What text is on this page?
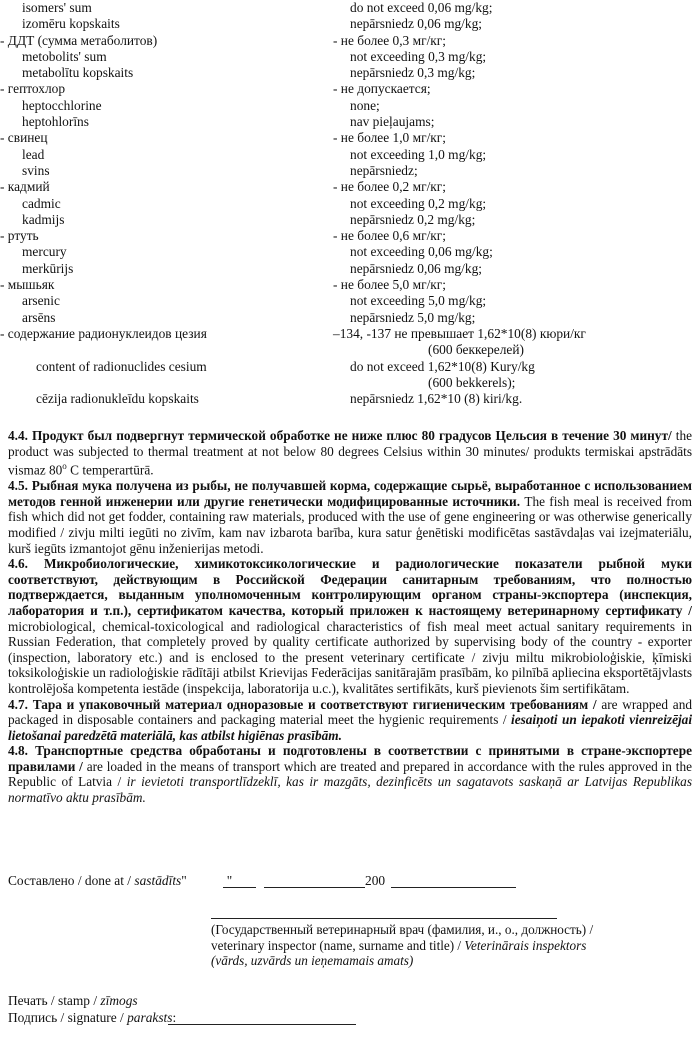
isomers' sum	do not exceed 0,06 mg/kg;
izomēru kopskaits	nepārsniedz 0,06 mg/kg;
- ДДТ (сумма метаболитов)	- не более 0,3 мг/кг;
metobolits' sum	not exceeding 0,3 mg/kg;
metabolītu kopskaits	nepārsniedz 0,3 mg/kg;
- гептохлор	- не допускается;
heptocchlorine	none;
heptohlorīns	nav pieļaujams;
- свинец	- не более 1,0 мг/кг;
lead	not exceeding 1,0 mg/kg;
svins	nepārsniedz;
- кадмий	- не более 0,2 мг/кг;
cadmic	not exceeding 0,2 mg/kg;
kadmijs	nepārsniedz 0,2 mg/kg;
- ртуть	- не более 0,6 мг/кг;
mercury	not exceeding 0,06 mg/kg;
merkūrijs	nepārsniedz 0,06 mg/kg;
- мышьяк	- не более 5,0 мг/кг;
arsenic	not exceeding 5,0 mg/kg;
arsēns	nepārsniedz 5,0 mg/kg;
- содержание радионуклеидов цезия	–134, -137 не превышает 1,62*10(8) кюри/кг
(600 беккерелей)
content of radionuclides cesium	do not exceed 1,62*10(8) Kury/kg
(600 bekkerels);
cēzija radionukleīdu kopskaits	nepārsniedz 1,62*10 (8) kiri/kg.

4.4. Продукт был подвергнут термической обработке не ниже плюс 80 градусов Цельсия в течение 30 минут/ the product was subjected to thermal treatment at not below 80 degrees Celsius within 30 minutes/ produkts termiskai apstrādāts vismaz 80$^o$ C temperartūrā.

4.5. Рыбная мука получена из рыбы, не получавшей корма, содержащие сырьё, выработанное с использованием методов генной инженерии или другие генетически модифицированные источники. The fish meal is received from fish which did not get fodder, containing raw materials, produced with the use of gene engineering or was otherwise generically modified / zivju milti iegūti no zivīm, kam nav izbarota barība, kura satur ģenētiski modificētas sastāvdaļas vai izejmateriālu, kurš iegūts izmantojot gēnu inženierijas metodi.

4.6. Микробиологические, химикотоксикологические и радиологические показатели рыбной муки соответствуют, действующим в Российской Федерации санитарным требованиям, что полностью подтверждается, выданным уполномоченным контролирующим органом страны-экспортера (инспекция, лаборатория и т.п.), сертификатом качества, который приложен к настоящему ветеринарному сертификату / microbiological, chemical-toxicological and radiological characteristics of fish meal meet actual sanitary requirements in Russian Federation, that completely proved by quality certificate authorized by supervising body of the country - exporter (inspection, laboratory etc.) and is enclosed to the present veterinary certificate / zivju miltu mikrobioloģiskie, ķīmiski toksikoloģiskie un radioloģiskie rādītāji atbilst Krievijas Federācijas sanitārajām prasībām, ko pilnībā apliecina eksportētājvlasts kontrolējoša kompetenta iestāde (inspekcija, laboratorija u.c.), kvalitātes sertifikāts, kurš pievienots šim sertifikātam.

4.7. Тара и упаковочный материал одноразовые и соответствуют гигиеническим требованиям / are wrapped and packaged in disposable containers and packaging material meet the hygienic requirements / iesaiņoti un iepakoti vienreizējai lietošanai paredzētā materiālā, kas atbilst higiēnas prasībām.

4.8. Транспортные средства обработаны и подготовлены в соответствии с принятыми в стране-экспортере правилами / are loaded in the means of transport which are treated and prepared in accordance with the rules approved in the Republic of Latvia / ir ievietoti transportlīdzeklī, kas ir mazgāts, dezinficēts un sagatavots saskaņā ar Latvijas Republikas normatīvo aktu prasībām.

Составлено / done at / sastādīts"	"	200
(Государственный ветеринарный врач (фамилия, и., о., должность) /
veterinary inspector (name, surname and title) / Veterinārais inspektors
(vārds, uzvārds un ieņemamais amats)
Печать / stamp / zīmogs
Подпись / signature / paraksts:
